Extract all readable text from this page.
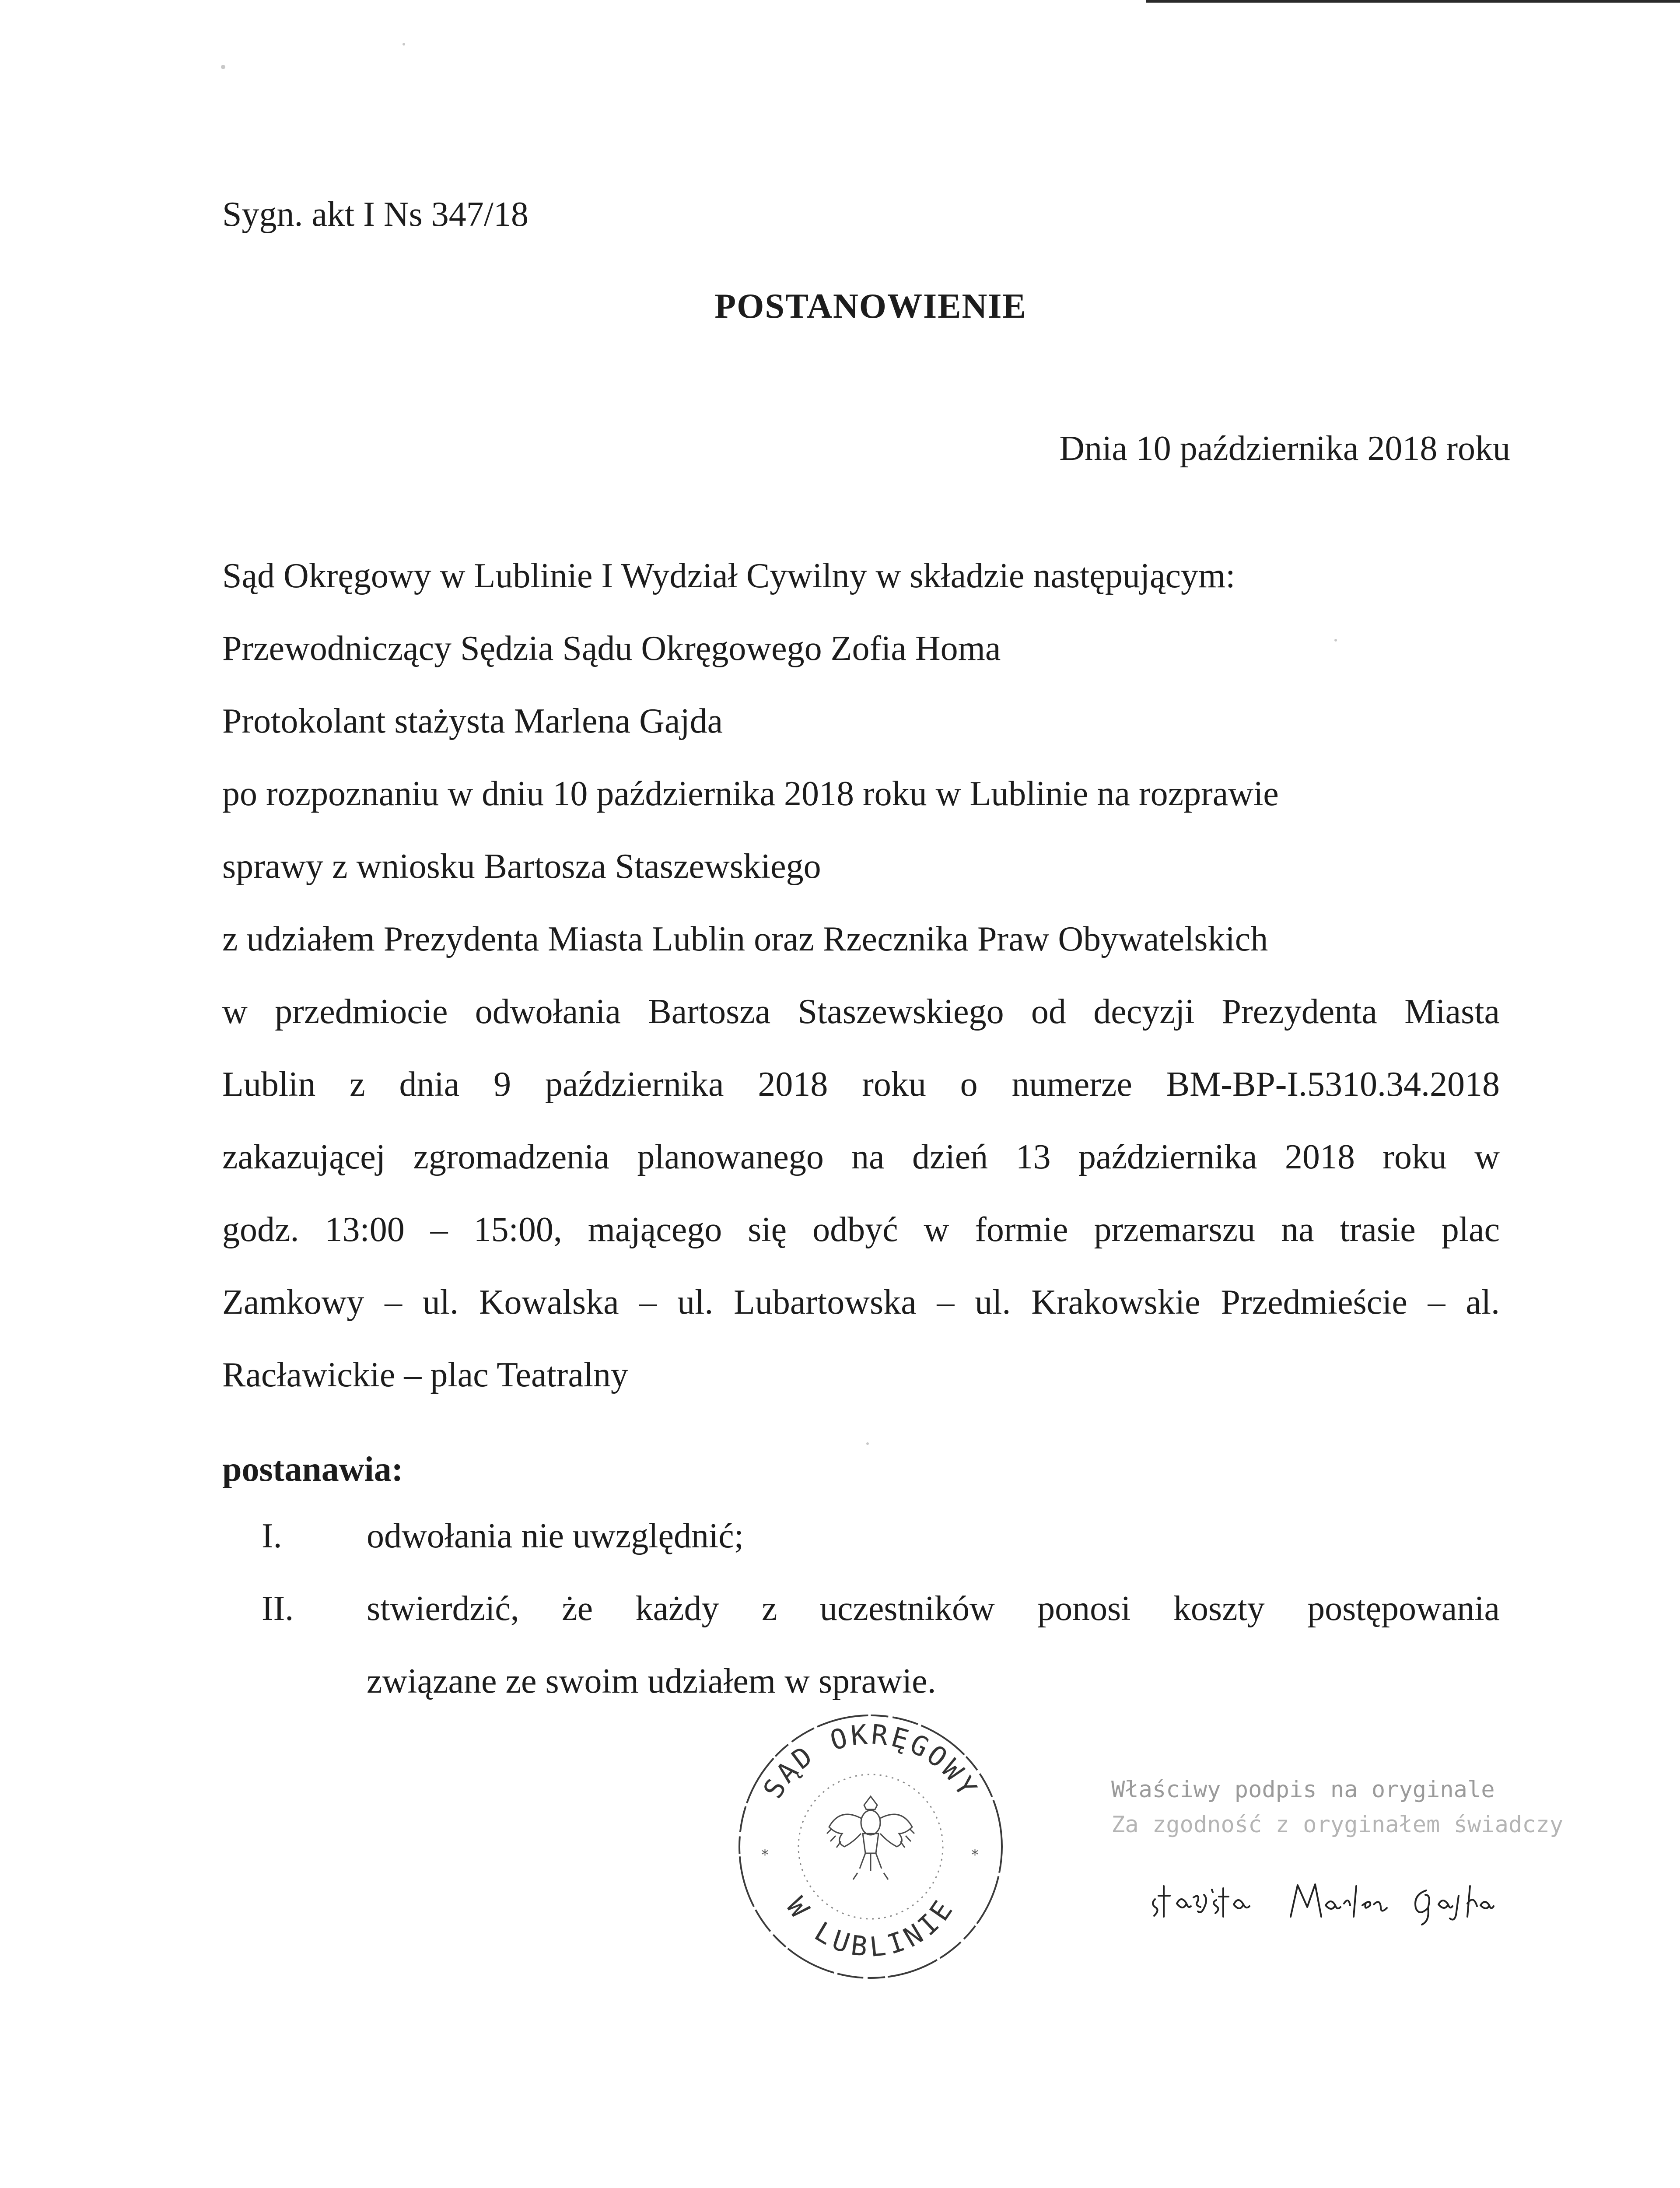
Sygn. akt I Ns 347/18
POSTANOWIENIE
Dnia 10 października 2018 roku
Sąd Okręgowy w Lublinie I Wydział Cywilny w składzie następującym:
Przewodniczący Sędzia Sądu Okręgowego Zofia Homa
Protokolant stażysta Marlena Gajda
po rozpoznaniu w dniu 10 października 2018 roku w Lublinie na rozprawie
sprawy z wniosku Bartosza Staszewskiego
z udziałem Prezydenta Miasta Lublin oraz Rzecznika Praw Obywatelskich
w przedmiocie odwołania Bartosza Staszewskiego od decyzji Prezydenta Miasta
Lublin z dnia 9 października 2018 roku o numerze BM-BP-I.5310.34.2018
zakazującej zgromadzenia planowanego na dzień 13 października 2018 roku w
godz. 13:00 – 15:00, mającego się odbyć w formie przemarszu na trasie plac
Zamkowy – ul. Kowalska – ul. Lubartowska – ul. Krakowskie Przedmieście – al.
Racławickie – plac Teatralny
postanawia:
I. odwołania nie uwzględnić;
II. stwierdzić, że każdy z uczestników ponosi koszty postępowania
związane ze swoim udziałem w sprawie.
SĄD OKRĘGOWY
W LUBLINIE
*	*
Właściwy podpis na oryginale
Za zgodność z oryginałem świadczy
stażysta Marlena Gajda
